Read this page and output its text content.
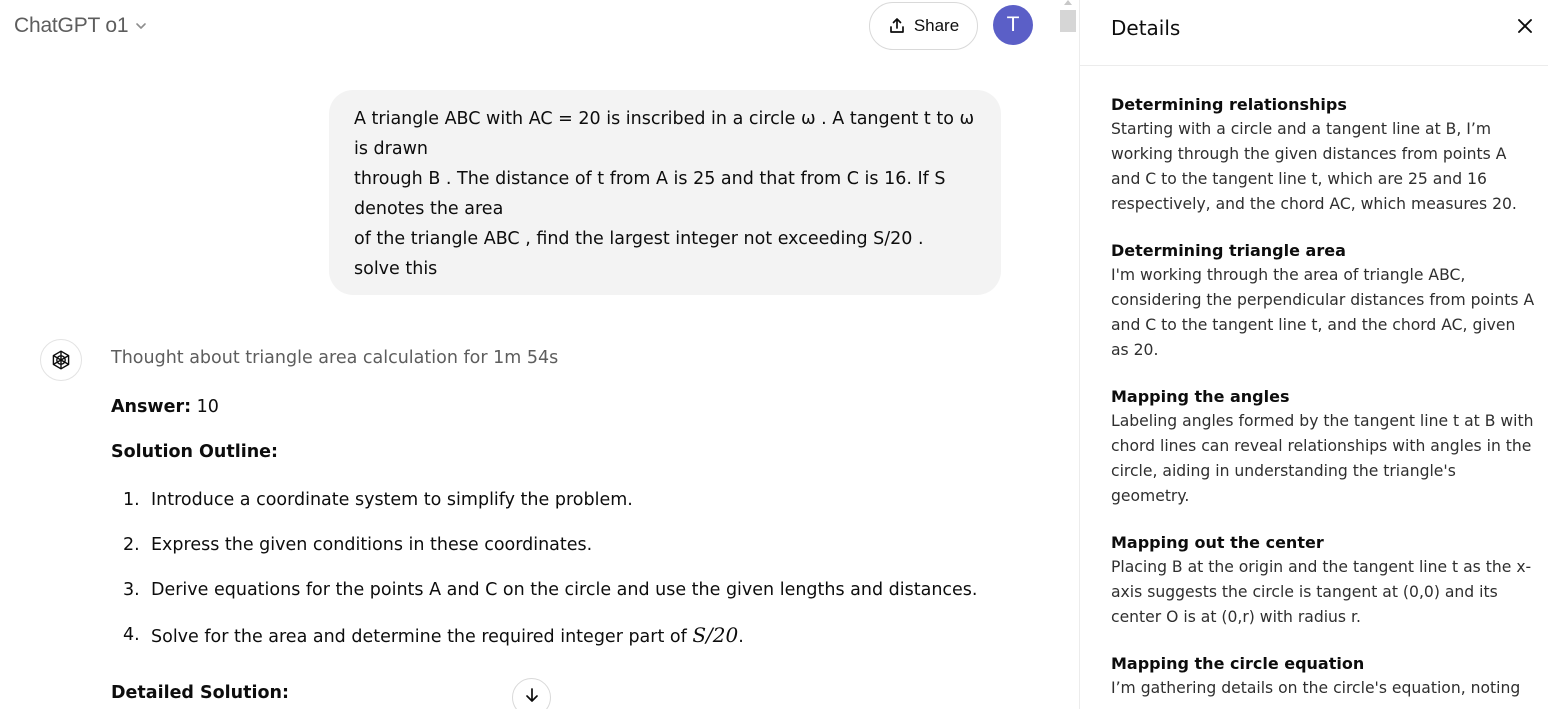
ChatGPT o1	Share	T
A triangle ABC with AC = 20 is inscribed in a circle ω . A tangent t to ω
is drawn
through B . The distance of t from A is 25 and that from C is 16. If S
denotes the area
of the triangle ABC , find the largest integer not exceeding S/20 .
solve this
Thought about triangle area calculation for 1m 54s
Answer: 10
Solution Outline:
1. Introduce a coordinate system to simplify the problem.
2. Express the given conditions in these coordinates.
3. Derive equations for the points A and C on the circle and use the given lengths and distances.
4. Solve for the area and determine the required integer part of S/20.
Detailed Solution:
Details
Determining relationships

Starting with a circle and a tangent line at B, I’m
working through the given distances from points A
and C to the tangent line t, which are 25 and 16
respectively, and the chord AC, which measures 20.

Determining triangle area

I'm working through the area of triangle ABC,
considering the perpendicular distances from points A
and C to the tangent line t, and the chord AC, given
as 20.

Mapping the angles

Labeling angles formed by the tangent line t at B with
chord lines can reveal relationships with angles in the
circle, aiding in understanding the triangle's
geometry.

Mapping out the center

Placing B at the origin and the tangent line t as the x-
axis suggests the circle is tangent at (0,0) and its
center O is at (0,r) with radius r.

Mapping the circle equation

I’m gathering details on the circle's equation, noting
